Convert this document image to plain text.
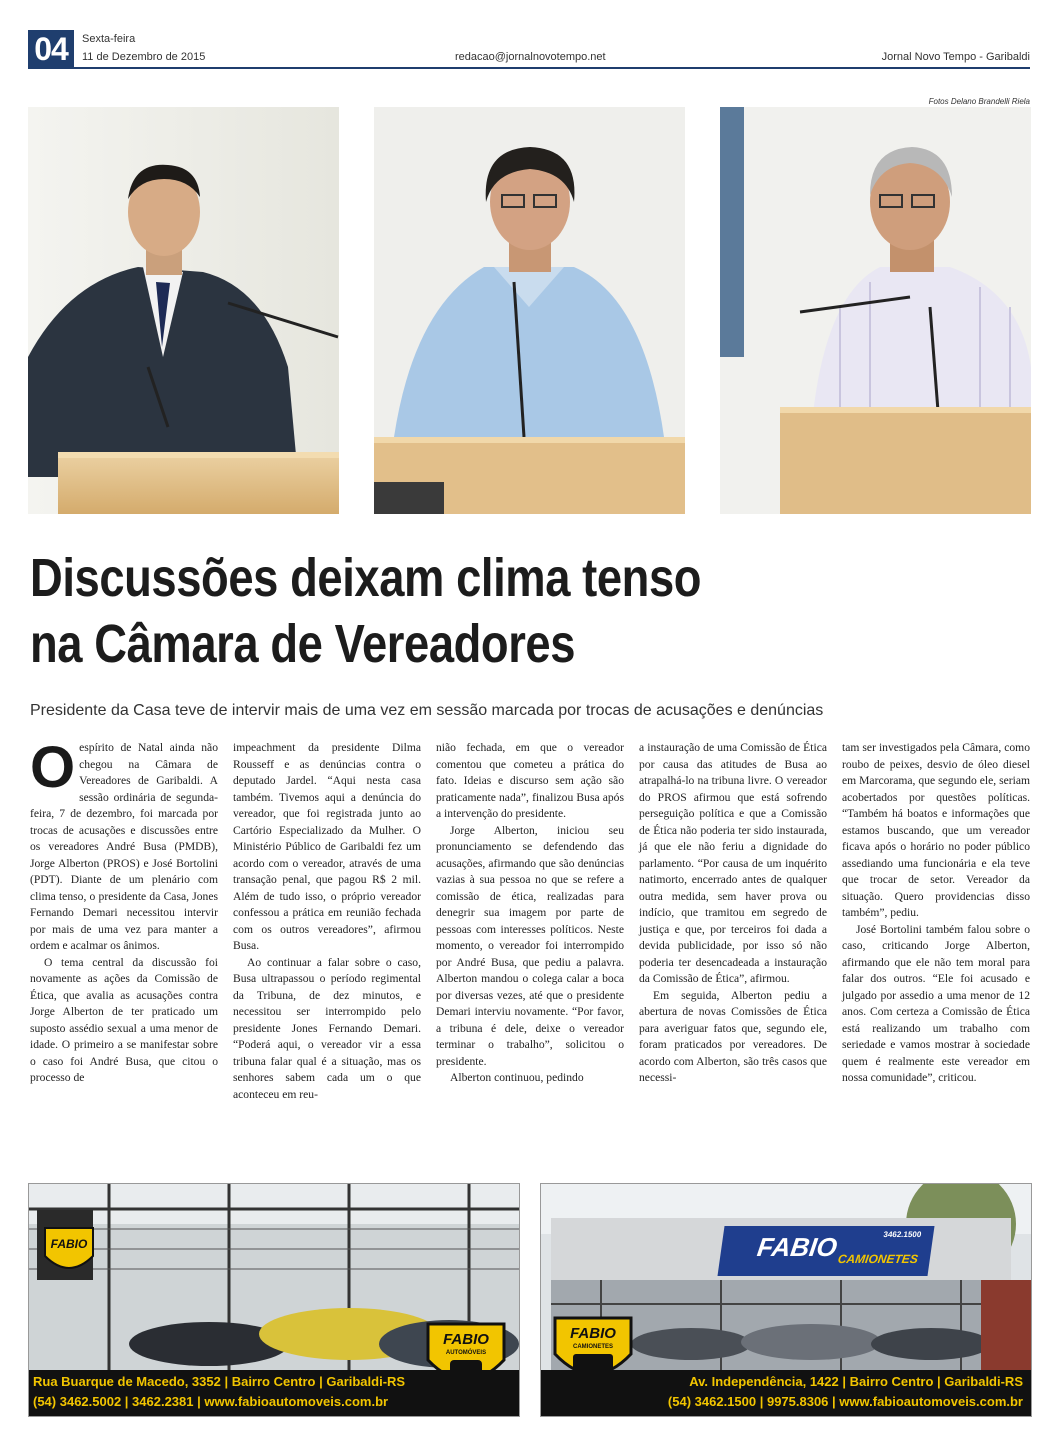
04	Sexta-feira
11 de Dezembro de 2015	redacao@jornalnovotempo.net	Jornal Novo Tempo - Garibaldi
Fotos Delano Brandelli Riela
Discussões deixam clima tenso
na Câmara de Vereadores
Presidente da Casa teve de intervir mais de uma vez em sessão marcada por trocas de acusações e denúncias
O espírito de Natal ainda não chegou na Câmara de Vereadores de Garibaldi. A sessão ordinária de segunda-feira, 7 de dezembro, foi marcada por trocas de acusações e discussões entre os vereadores André Busa (PMDB), Jorge Alberton (PROS) e José Bortolini (PDT). Diante de um plenário com clima tenso, o presidente da Casa, Jones Fernando Demari necessitou intervir por mais de uma vez para manter a ordem e acalmar os ânimos.

O tema central da discussão foi novamente as ações da Comissão de Ética, que avalia as acusações contra Jorge Alberton de ter praticado um suposto assédio sexual a uma menor de idade. O primeiro a se manifestar sobre o caso foi André Busa, que citou o processo de

impeachment da presidente Dilma Rousseff e as denúncias contra o deputado Jardel. “Aqui nesta casa também. Tivemos aqui a denúncia do vereador, que foi registrada junto ao Cartório Especializado da Mulher. O Ministério Público de Garibaldi fez um acordo com o vereador, através de uma transação penal, que pagou R$ 2 mil. Além de tudo isso, o próprio vereador confessou a prática em reunião fechada com os outros vereadores”, afirmou Busa.

Ao continuar a falar sobre o caso, Busa ultrapassou o período regimental da Tribuna, de dez minutos, e necessitou ser interrompido pelo presidente Jones Fernando Demari. “Poderá aqui, o vereador vir a essa tribuna falar qual é a situação, mas os senhores sabem cada um o que aconteceu em reu-

nião fechada, em que o vereador comentou que cometeu a prática do fato. Ideias e discurso sem ação são praticamente nada”, finalizou Busa após a intervenção do presidente.

Jorge Alberton, iniciou seu pronunciamento se defendendo das acusações, afirmando que são denúncias vazias à sua pessoa no que se refere a comissão de ética, realizadas para denegrir sua imagem por parte de pessoas com interesses políticos. Neste momento, o vereador foi interrompido por André Busa, que pediu a palavra. Alberton mandou o colega calar a boca por diversas vezes, até que o presidente Demari interviu novamente. “Por favor, a tribuna é dele, deixe o vereador terminar o trabalho”, solicitou o presidente.

Alberton continuou, pedindo

a instauração de uma Comissão de Ética por causa das atitudes de Busa ao atrapalhá-lo na tribuna livre. O vereador do PROS afirmou que está sofrendo perseguição política e que a Comissão de Ética não poderia ter sido instaurada, já que ele não feriu a dignidade do parlamento. “Por causa de um inquérito natimorto, encerrado antes de qualquer outra medida, sem haver prova ou indício, que tramitou em segredo de justiça e que, por terceiros foi dada a devida publicidade, por isso só não poderia ter desencadeada a instauração da Comissão de Ética”, afirmou.

Em seguida, Alberton pediu a abertura de novas Comissões de Ética para averiguar fatos que, segundo ele, foram praticados por vereadores. De acordo com Alberton, são três casos que necessi-

tam ser investigados pela Câmara, como roubo de peixes, desvio de óleo diesel em Marcorama, que segundo ele, seriam acobertados por questões políticas. “Também há boatos e informações que estamos buscando, que um vereador ficava após o horário no poder público assediando uma funcionária e ela teve que trocar de setor. Vereador da situação. Quero providencias disso também”, pediu.

José Bortolini também falou sobre o caso, criticando Jorge Alberton, afirmando que ele não tem moral para falar dos outros. “Ele foi acusado e julgado por assedio a uma menor de 12 anos. Com certeza a Comissão de Ética está realizando um trabalho com seriedade e vamos mostrar à sociedade quem é realmente este vereador em nossa comunidade”, criticou.

FABIO
FABIO
AUTOMÓVEIS
Rua Buarque de Macedo, 3352 | Bairro Centro | Garibaldi-RS
(54) 3462.5002 | 3462.2381 | www.fabioautomoveis.com.br
FABIO
CAMIONETES
3462.1500
FABIO
CAMIONETES
Av. Independência, 1422 | Bairro Centro | Garibaldi-RS
(54) 3462.1500 | 9975.8306 | www.fabioautomoveis.com.br
